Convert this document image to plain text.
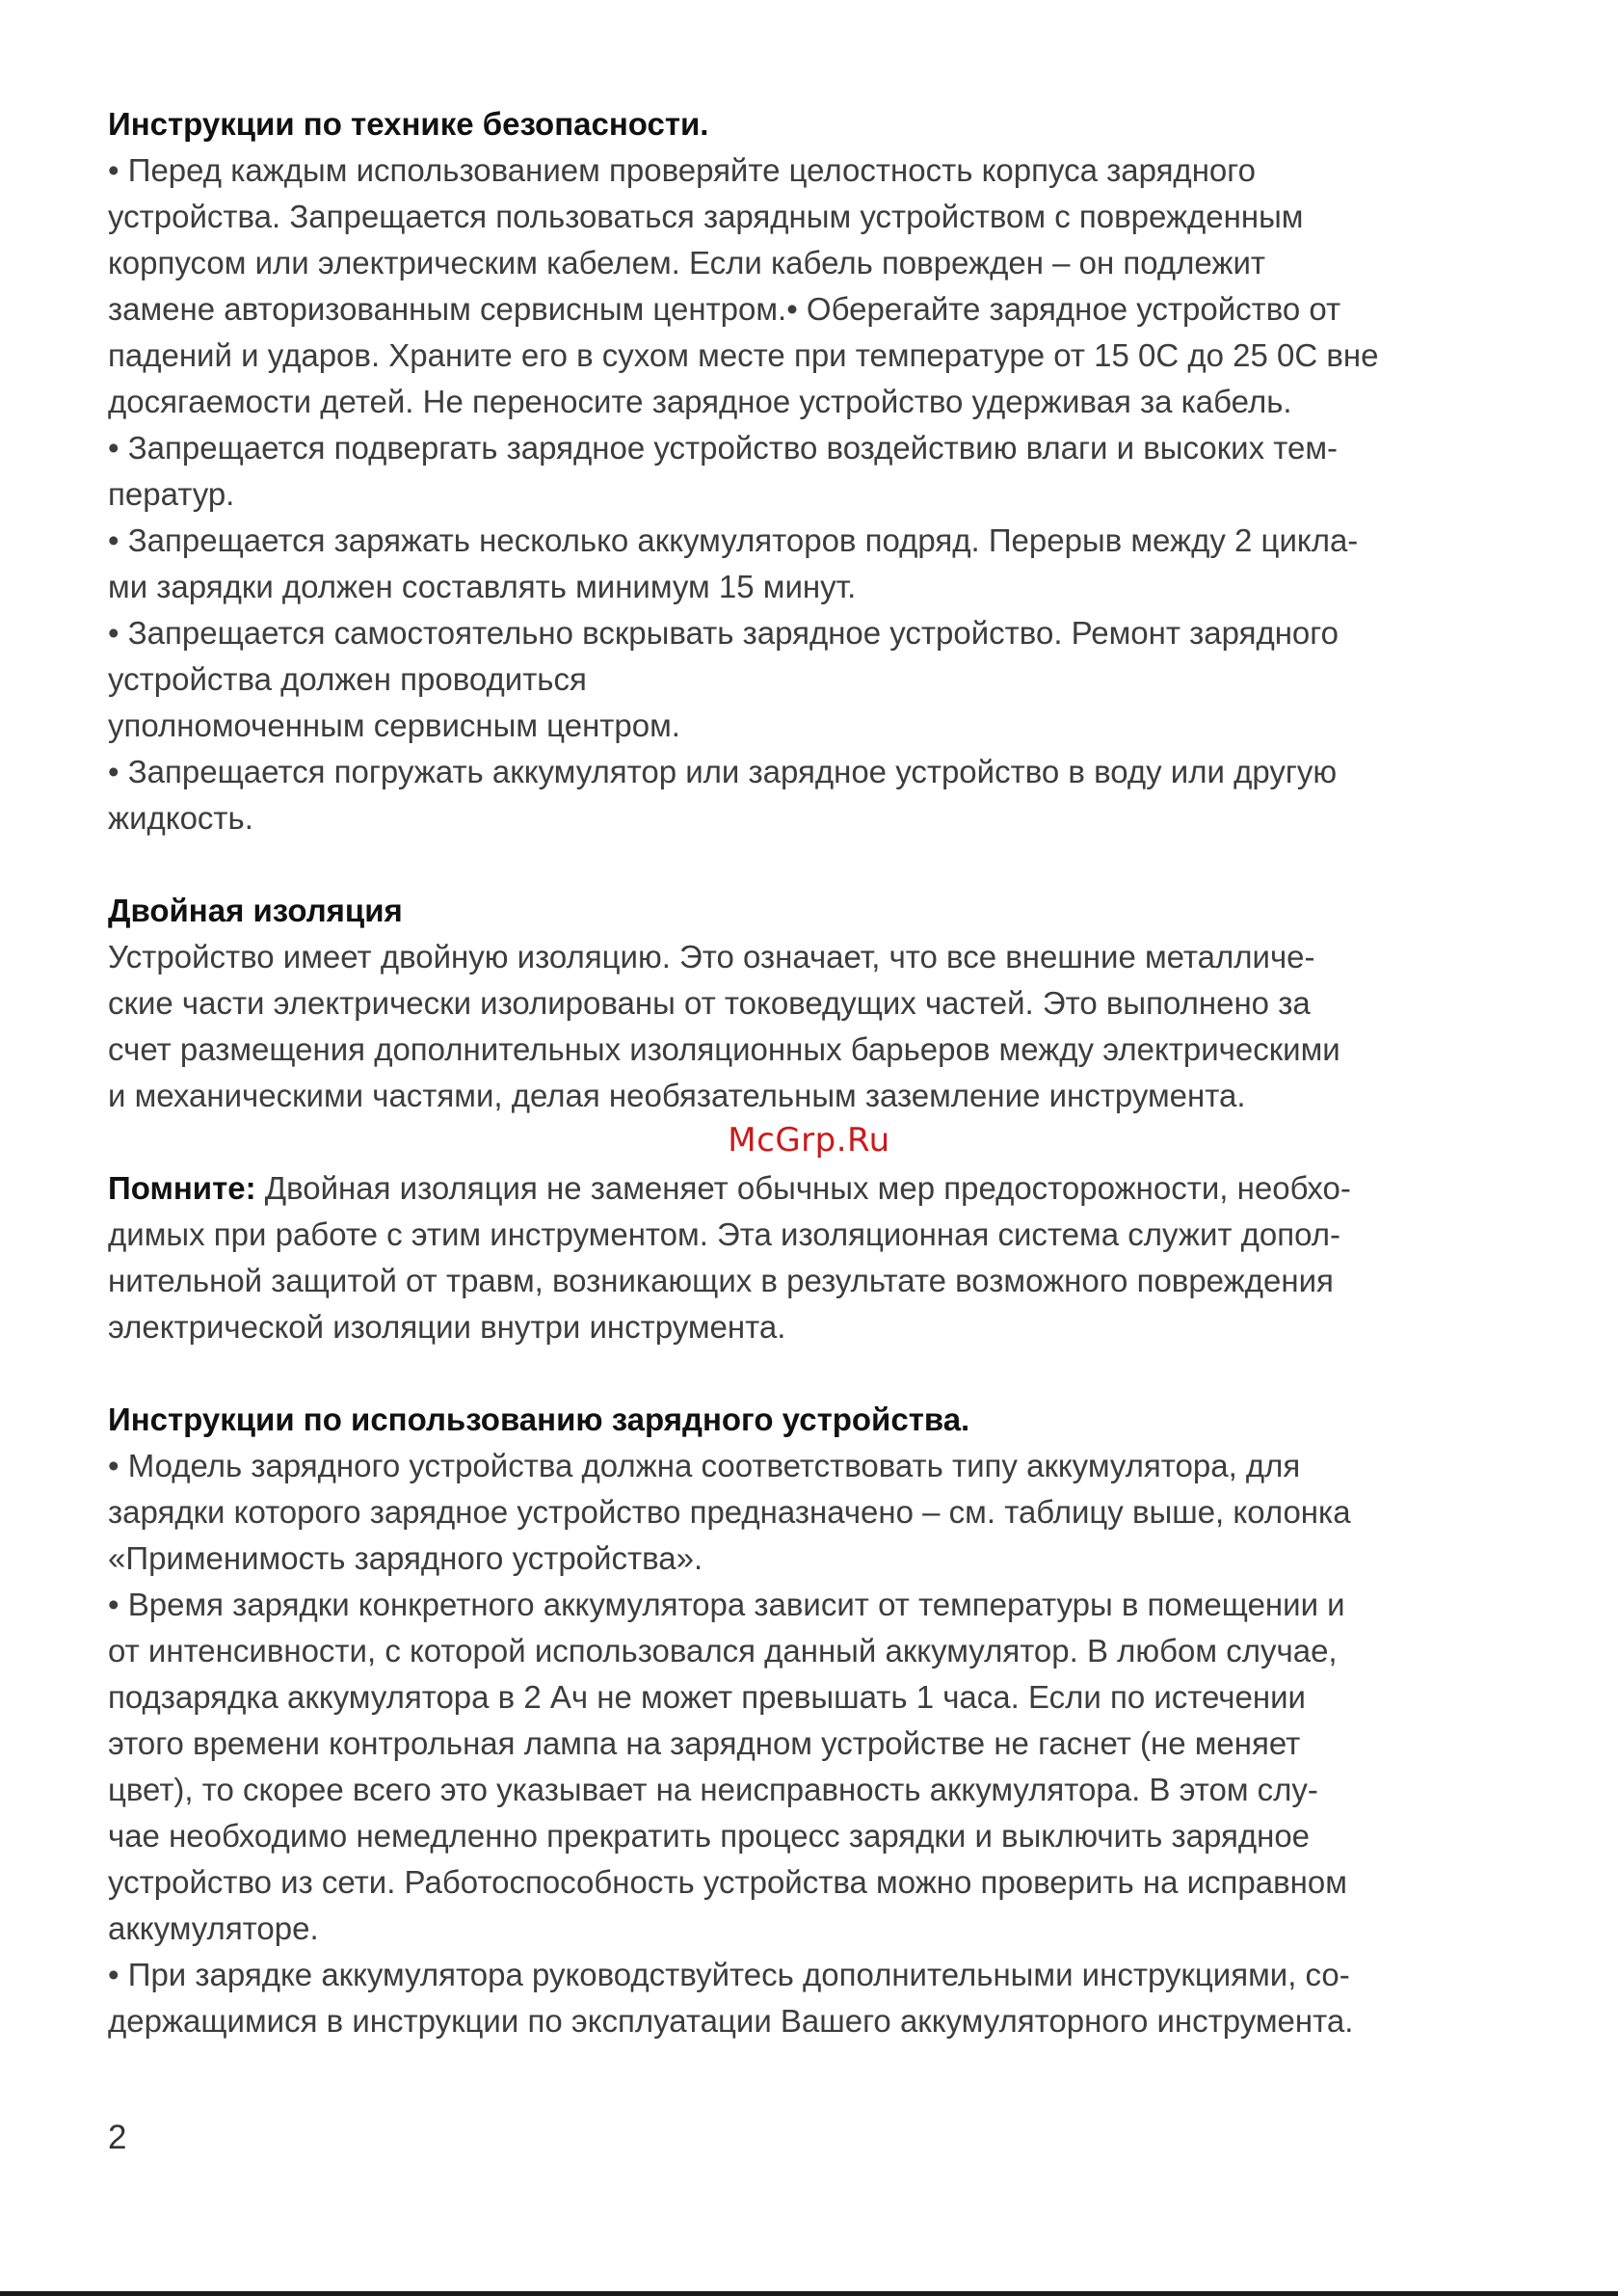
Инструкции по технике безопасности.
• Перед каждым использованием проверяйте целостность корпуса зарядного
устройства. Запрещается пользоваться зарядным устройством с поврежденным
корпусом или электрическим кабелем. Если кабель поврежден – он подлежит
замене авторизованным сервисным центром.• Оберегайте зарядное устройство от
падений и ударов. Храните его в сухом месте при температуре от 15 0С до 25 0С вне
досягаемости детей. Не переносите зарядное устройство удерживая за кабель.
• Запрещается подвергать зарядное устройство воздействию влаги и высоких тем-
ператур.
• Запрещается заряжать несколько аккумуляторов подряд. Перерыв между 2 цикла-
ми зарядки должен составлять минимум 15 минут.
• Запрещается самостоятельно вскрывать зарядное устройство. Ремонт зарядного
устройства должен проводиться
уполномоченным сервисным центром.
• Запрещается погружать аккумулятор или зарядное устройство в воду или другую
жидкость.
Двойная изоляция
Устройство имеет двойную изоляцию. Это означает, что все внешние металличе-
ские части электрически изолированы от токоведущих частей. Это выполнено за
счет размещения дополнительных изоляционных барьеров между электрическими
и механическими частями, делая необязательным заземление инструмента.
Помните: Двойная изоляция не заменяет обычных мер предосторожности, необхо-
димых при работе с этим инструментом. Эта изоляционная система служит допол-
нительной защитой от травм, возникающих в результате возможного повреждения
электрической изоляции внутри инструмента.
Инструкции по использованию зарядного устройства.
• Модель зарядного устройства должна соответствовать типу аккумулятора, для
зарядки которого зарядное устройство предназначено – см. таблицу выше, колонка
«Применимость зарядного устройства».
• Время зарядки конкретного аккумулятора зависит от температуры в помещении и
от интенсивности, с которой использовался данный аккумулятор. В любом случае,
подзарядка аккумулятора в 2 Ач не может превышать 1 часа. Если по истечении
этого времени контрольная лампа на зарядном устройстве не гаснет (не меняет
цвет), то скорее всего это указывает на неисправность аккумулятора. В этом слу-
чае необходимо немедленно прекратить процесс зарядки и выключить зарядное
устройство из сети. Работоспособность устройства можно проверить на исправном
аккумуляторе.
• При зарядке аккумулятора руководствуйтесь дополнительными инструкциями, со-
держащимися в инструкции по эксплуатации Вашего аккумуляторного инструмента.
McGrp.Ru
2
